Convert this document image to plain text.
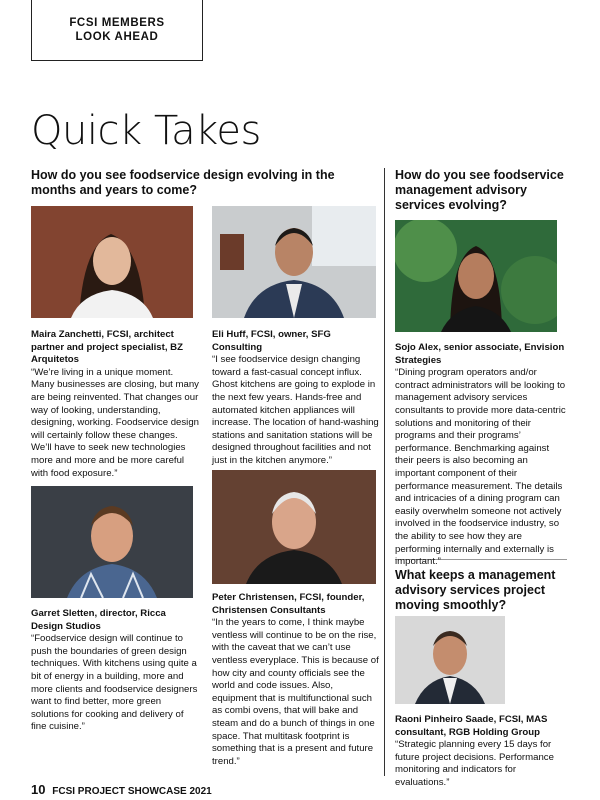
FCSI MEMBERS
LOOK AHEAD
Quick Takes

How do you see foodservice design evolving in the months and years to come?

How do you see foodservice management advisory services evolving?

What keeps a management advisory services project moving smoothly?

Maira Zanchetti, FCSI, architect partner and project specialist, BZ Arquitetos
“We’re living in a unique moment. Many businesses are closing, but many are being reinvented. That changes our way of looking, understanding, designing, working. Foodservice design will certainly follow these changes. We’ll have to seek new technologies more and more and be more careful with food exposure.”
Eli Huff, FCSI, owner, SFG Consulting
“I see foodservice design changing toward a fast-casual concept influx. Ghost kitchens are going to explode in the next few years. Hands-free and automated kitchen appliances will increase. The location of hand-washing stations and sanitation stations will be designed throughout facilities and not just in the kitchen anymore.”
Sojo Alex, senior associate, Envision Strategies
“Dining program operators and/or contract administrators will be looking to management advisory services consultants to provide more data-centric solutions and monitoring of their programs and their programs’ performance. Benchmarking against their peers is also becoming an important component of their performance measurement. The details and intricacies of a dining program can easily overwhelm someone not actively involved in the foodservice industry, so the ability to see how they are performing internally and externally is important.”
Garret Sletten, director, Ricca Design Studios
“Foodservice design will continue to push the boundaries of green design techniques. With kitchens using quite a bit of energy in a building, more and more clients and foodservice designers want to find better, more green solutions for cooking and delivery of fine cuisine.”
Peter Christensen, FCSI, founder, Christensen Consultants
“In the years to come, I think maybe ventless will continue to be on the rise, with the caveat that we can’t use ventless everyplace. This is because of how city and county officials see the world and code issues. Also, equipment that is multifunctional such as combi ovens, that will bake and steam and do a bunch of things in one space. That multitask footprint is something that is a present and future trend.”
Raoni Pinheiro Saade, FCSI, MAS consultant, RGB Holding Group
“Strategic planning every 15 days for future project decisions. Performance monitoring and indicators for evaluations.”
10 FCSI PROJECT SHOWCASE 2021
